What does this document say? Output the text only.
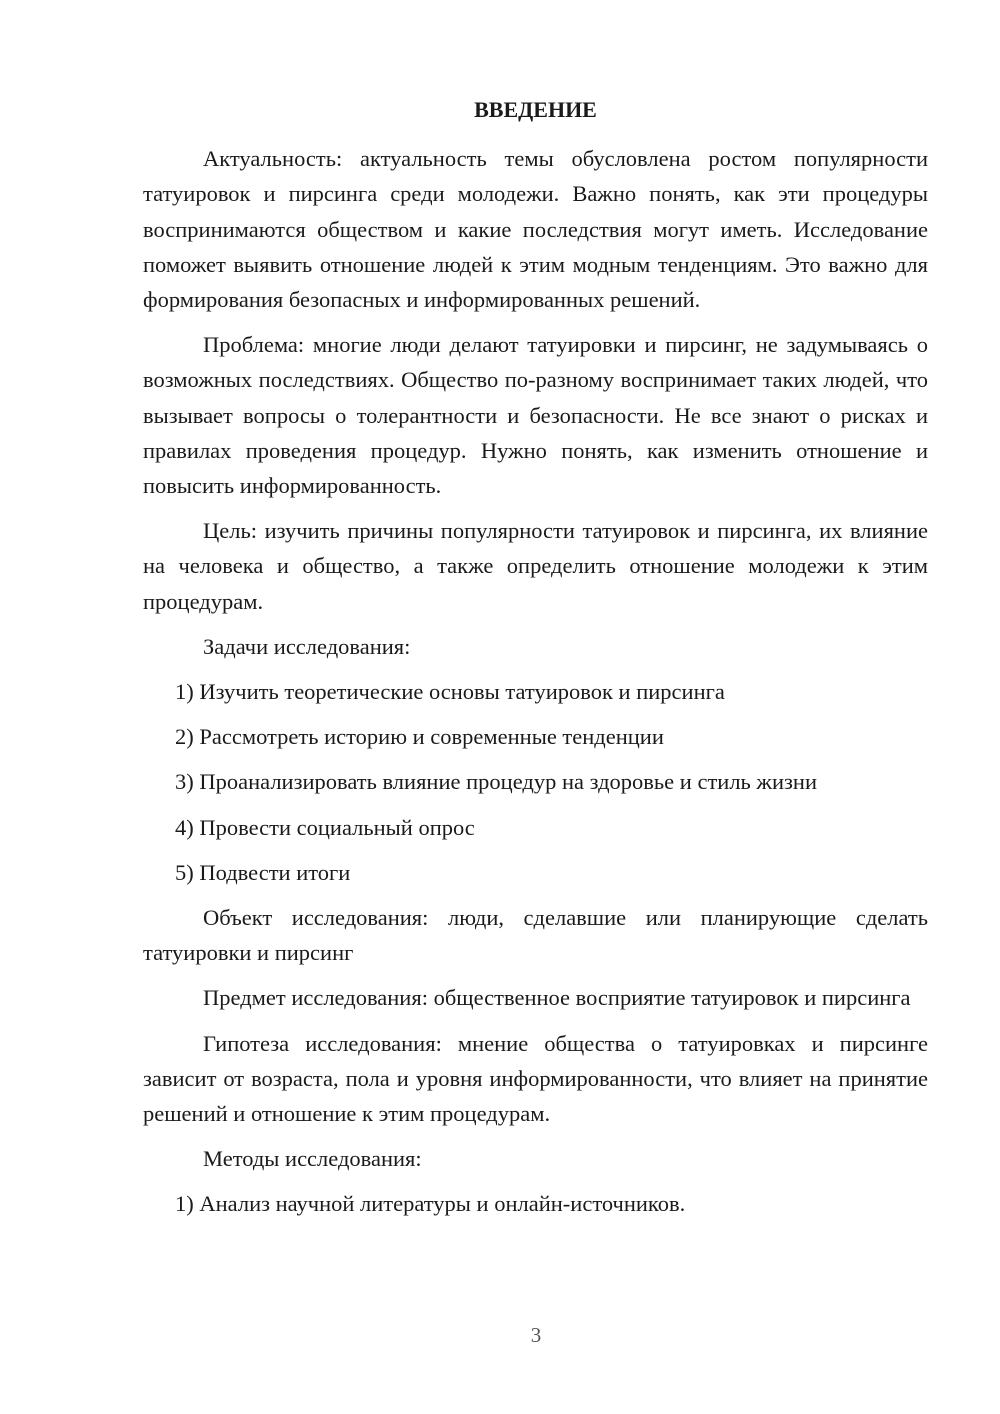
ВВЕДЕНИЕ

Актуальность: актуальность темы обусловлена ростом популярности татуировок и пирсинга среди молодежи. Важно понять, как эти процедуры воспринимаются обществом и какие последствия могут иметь. Исследование поможет выявить отношение людей к этим модным тенденциям. Это важно для формирования безопасных и информированных решений.

Проблема: многие люди делают татуировки и пирсинг, не задумываясь о возможных последствиях. Общество по-разному воспринимает таких людей, что вызывает вопросы о толерантности и безопасности. Не все знают о рисках и правилах проведения процедур. Нужно понять, как изменить отношение и повысить информированность.

Цель: изучить причины популярности татуировок и пирсинга, их влияние на человека и общество, а также определить отношение молодежи к этим процедурам.

Задачи исследования:
1) Изучить теоретические основы татуировок и пирсинга
2) Рассмотреть историю и современные тенденции
3) Проанализировать влияние процедур на здоровье и стиль жизни
4) Провести социальный опрос
5) Подвести итоги

Объект исследования: люди, сделавшие или планирующие сделать татуировки и пирсинг

Предмет исследования: общественное восприятие татуировок и пирсинга

Гипотеза исследования: мнение общества о татуировках и пирсинге зависит от возраста, пола и уровня информированности, что влияет на принятие решений и отношение к этим процедурам.

Методы исследования:
1) Анализ научной литературы и онлайн-источников.
3
